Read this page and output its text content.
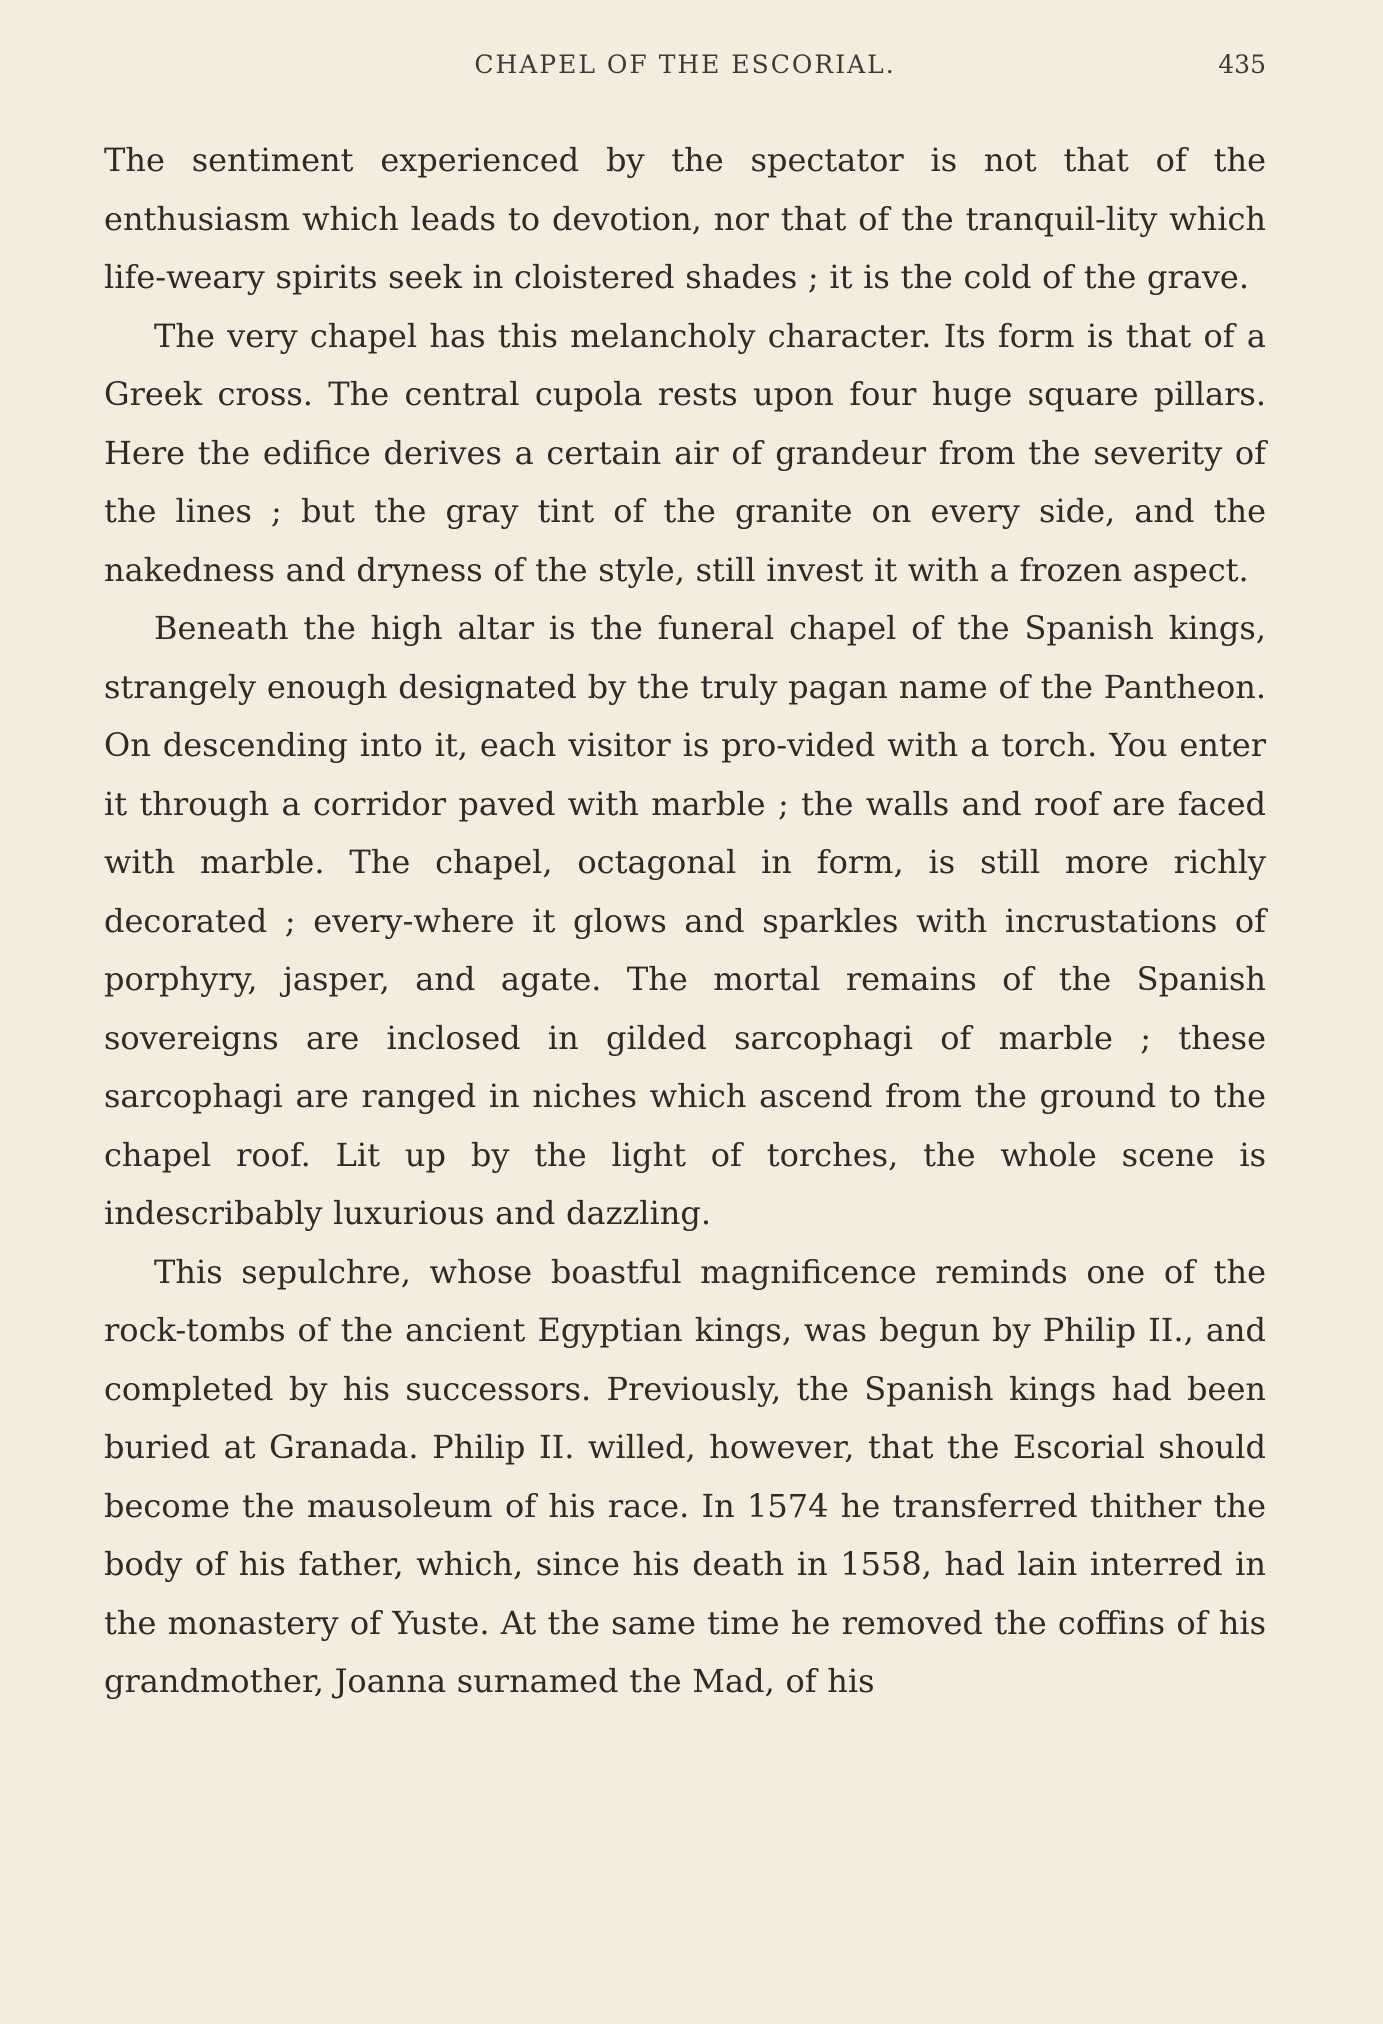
CHAPEL OF THE ESCORIAL.	435

The sentiment experienced by the spectator is not that of the enthusiasm which leads to devotion, nor that of the tranquil-lity which life-weary spirits seek in cloistered shades ; it is the cold of the grave.

The very chapel has this melancholy character. Its form is that of a Greek cross. The central cupola rests upon four huge square pillars. Here the edifice derives a certain air of grandeur from the severity of the lines ; but the gray tint of the granite on every side, and the nakedness and dryness of the style, still invest it with a frozen aspect.

Beneath the high altar is the funeral chapel of the Spanish kings, strangely enough designated by the truly pagan name of the Pantheon. On descending into it, each visitor is pro-vided with a torch. You enter it through a corridor paved with marble ; the walls and roof are faced with marble. The chapel, octagonal in form, is still more richly decorated ; every-where it glows and sparkles with incrustations of porphyry, jasper, and agate. The mortal remains of the Spanish sovereigns are inclosed in gilded sarcophagi of marble ; these sarcophagi are ranged in niches which ascend from the ground to the chapel roof. Lit up by the light of torches, the whole scene is indescribably luxurious and dazzling.

This sepulchre, whose boastful magnificence reminds one of the rock-tombs of the ancient Egyptian kings, was begun by Philip II., and completed by his successors. Previously, the Spanish kings had been buried at Granada. Philip II. willed, however, that the Escorial should become the mausoleum of his race. In 1574 he transferred thither the body of his father, which, since his death in 1558, had lain interred in the monastery of Yuste. At the same time he removed the coffins of his grandmother, Joanna surnamed the Mad, of his
